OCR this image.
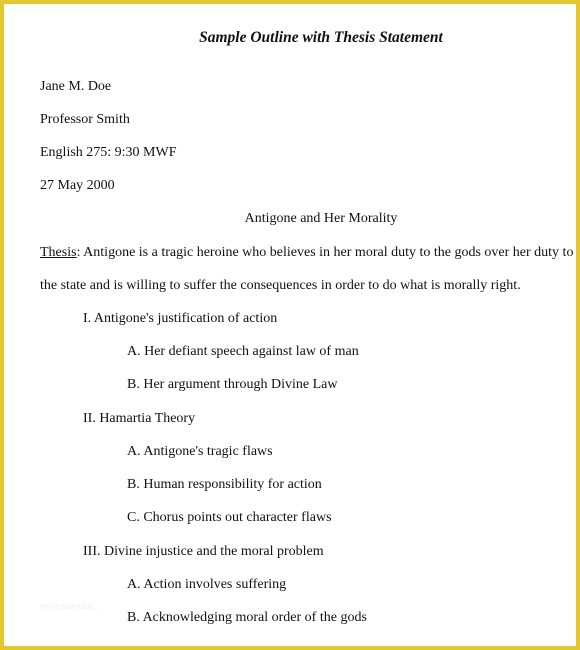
Sample Outline with Thesis Statement
Jane M. Doe
Professor Smith
English 275: 9:30 MWF
27 May 2000
Antigone and Her Morality
Thesis: Antigone is a tragic heroine who believes in her moral duty to the gods over her duty to
the state and is willing to suffer the consequences in order to do what is morally right.
I. Antigone's justification of action
A. Her defiant speech against law of man
B. Her argument through Divine Law
II. Hamartia Theory
A. Antigone's tragic flaws
B. Human responsibility for action
C. Chorus points out character flaws
III. Divine injustice and the moral problem
A. Action involves suffering
B. Acknowledging moral order of the gods
www.samplet...
